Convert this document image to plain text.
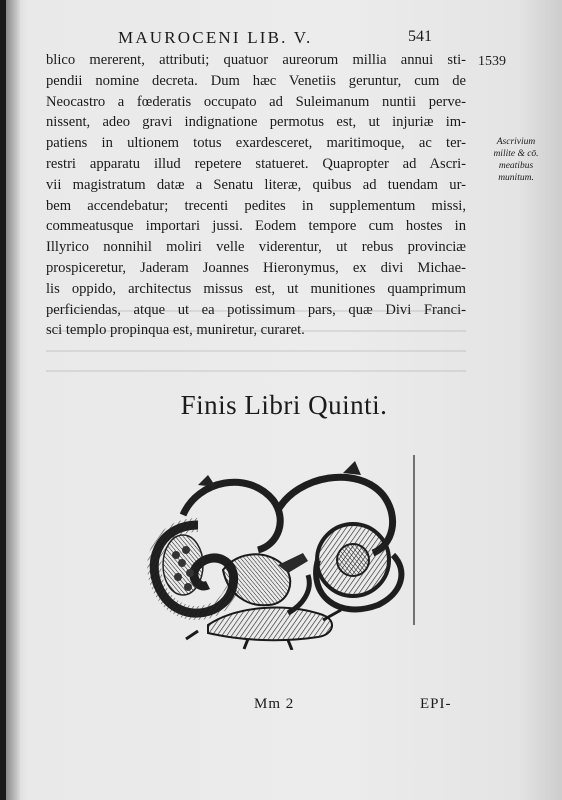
MAUROCENI LIB. V.	541
1539
blico mererent, attributi; quatuor aureorum millia annui sti-
pendii nomine decreta. Dum hæc Venetiis geruntur, cum de
Neocastro a fœderatis occupato ad Suleimanum nuntii perve-
nissent, adeo gravi indignatione permotus est, ut injuriæ im-
patiens in ultionem totus exardesceret, maritimoque, ac ter-
restri apparatu illud repetere statueret. Quapropter ad Ascri-
vii magistratum datæ a Senatu literæ, quibus ad tuendam ur-
bem accendebatur; trecenti pedites in supplementum missi,
commeatusque importari jussi. Eodem tempore cum hostes in
Illyrico nonnihil moliri velle viderentur, ut rebus provinciæ
prospiceretur, Jaderam Joannes Hieronymus, ex divi Michae-
lis oppido, architectus missus est, ut munitiones quamprimum
perficiendas, atque ut ea potissimum pars, quæ Divi Franci-
sci templo propinqua est, muniretur, curaret.
Ascrivium
milite & cō.
meatibus
munitum.
Finis Libri Quinti.
Mm 2	EPI-
